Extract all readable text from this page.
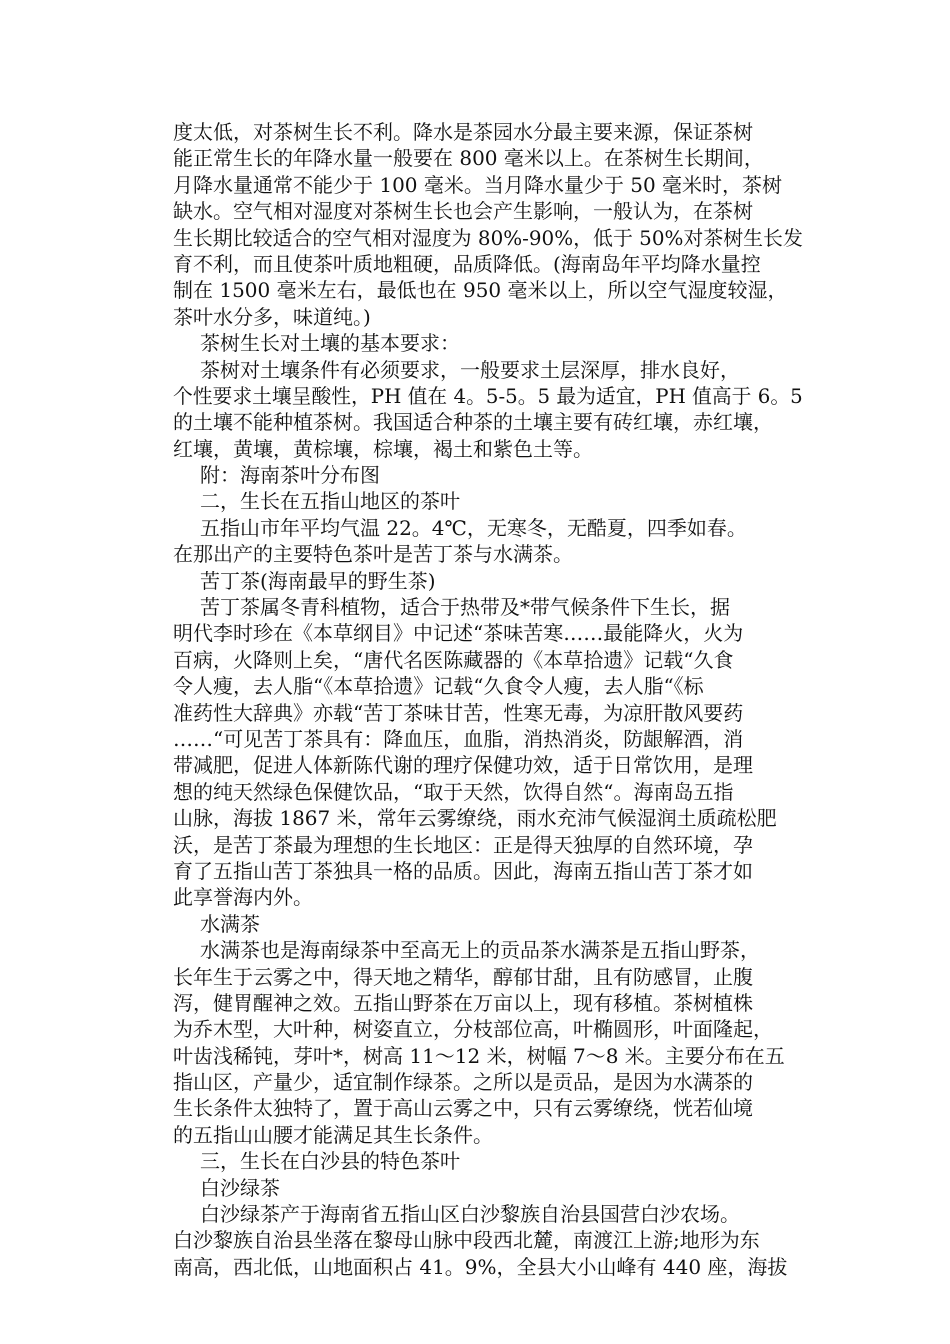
度太低，对茶树生长不利。降水是茶园水分最主要来源，保证茶树
能正常生长的年降水量一般要在 800 毫米以上。在茶树生长期间，
月降水量通常不能少于 100 毫米。当月降水量少于 50 毫米时，茶树
缺水。空气相对湿度对茶树生长也会产生影响，一般认为，在茶树
生长期比较适合的空气相对湿度为 80%-90%，低于 50%对茶树生长发
育不利，而且使茶叶质地粗硬，品质降低。(海南岛年平均降水量控
制在 1500 毫米左右，最低也在 950 毫米以上，所以空气湿度较湿，
茶叶水分多，味道纯。)
茶树生长对土壤的基本要求：
茶树对土壤条件有必须要求，一般要求土层深厚，排水良好，
个性要求土壤呈酸性，PH 值在 4。5-5。5 最为适宜，PH 值高于 6。5
的土壤不能种植茶树。我国适合种茶的土壤主要有砖红壤，赤红壤，
红壤，黄壤，黄棕壤，棕壤，褐土和紫色土等。
附：海南茶叶分布图
二，生长在五指山地区的茶叶
五指山市年平均气温 22。4℃，无寒冬，无酷夏，四季如春。
在那出产的主要特色茶叶是苦丁茶与水满茶。
苦丁茶(海南最早的野生茶)
苦丁茶属冬青科植物，适合于热带及*带气候条件下生长，据
明代李时珍在《本草纲目》中记述“茶味苦寒……最能降火，火为
百病，火降则上矣，“唐代名医陈藏器的《本草拾遗》记载“久食
令人瘦，去人脂“《本草拾遗》记载“久食令人瘦，去人脂“《标
准药性大辞典》亦载“苦丁茶味甘苦，性寒无毒，为凉肝散风要药
……“可见苦丁茶具有：降血压，血脂，消热消炎，防龈解酒，消
带减肥，促进人体新陈代谢的理疗保健功效，适于日常饮用，是理
想的纯天然绿色保健饮品，“取于天然，饮得自然“。海南岛五指
山脉，海拔 1867 米，常年云雾缭绕，雨水充沛气候湿润土质疏松肥
沃，是苦丁茶最为理想的生长地区：正是得天独厚的自然环境，孕
育了五指山苦丁茶独具一格的品质。因此，海南五指山苦丁茶才如
此享誉海内外。
水满茶
水满茶也是海南绿茶中至高无上的贡品茶水满茶是五指山野茶，
长年生于云雾之中，得天地之精华，醇郁甘甜，且有防感冒，止腹
泻，健胃醒神之效。五指山野茶在万亩以上，现有移植。茶树植株
为乔木型，大叶种，树姿直立，分枝部位高，叶椭圆形，叶面隆起，
叶齿浅稀钝，芽叶*，树高 11～12 米，树幅 7～8 米。主要分布在五
指山区，产量少，适宜制作绿茶。之所以是贡品，是因为水满茶的
生长条件太独特了，置于高山云雾之中，只有云雾缭绕，恍若仙境
的五指山山腰才能满足其生长条件。
三，生长在白沙县的特色茶叶
白沙绿茶
白沙绿茶产于海南省五指山区白沙黎族自治县国营白沙农场。
白沙黎族自治县坐落在黎母山脉中段西北麓，南渡江上游;地形为东
南高，西北低，山地面积占 41。9%，全县大小山峰有 440 座，海拔
